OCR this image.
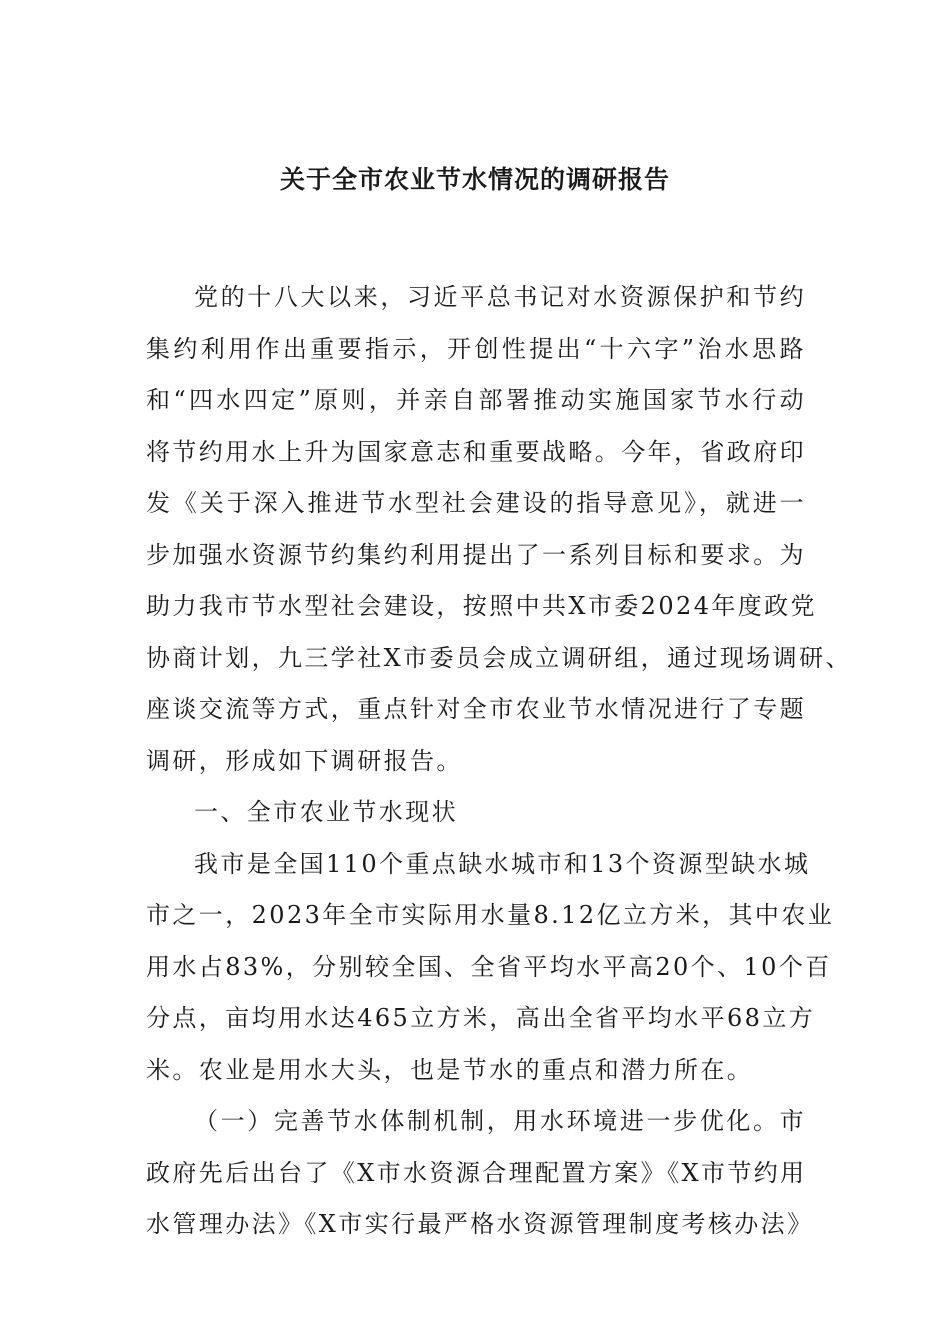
关于全市农业节水情况的调研报告
党的十八大以来，习近平总书记对水资源保护和节约
集约利用作出重要指示，开创性提出“十六字”治水思路
和“四水四定”原则，并亲自部署推动实施国家节水行动
将节约用水上升为国家意志和重要战略。今年，省政府印
发《关于深入推进节水型社会建设的指导意见》，就进一
步加强水资源节约集约利用提出了一系列目标和要求。为
助力我市节水型社会建设，按照中共X市委2024年度政党
协商计划，九三学社X市委员会成立调研组，通过现场调研、
座谈交流等方式，重点针对全市农业节水情况进行了专题
调研，形成如下调研报告。
一、全市农业节水现状
我市是全国110个重点缺水城市和13个资源型缺水城
市之一，2023年全市实际用水量8.12亿立方米，其中农业
用水占83%，分别较全国、全省平均水平高20个、10个百
分点，亩均用水达465立方米，高出全省平均水平68立方
米。农业是用水大头，也是节水的重点和潜力所在。
（一）完善节水体制机制，用水环境进一步优化。市
政府先后出台了《X市水资源合理配置方案》《X市节约用
水管理办法》《X市实行最严格水资源管理制度考核办法》
